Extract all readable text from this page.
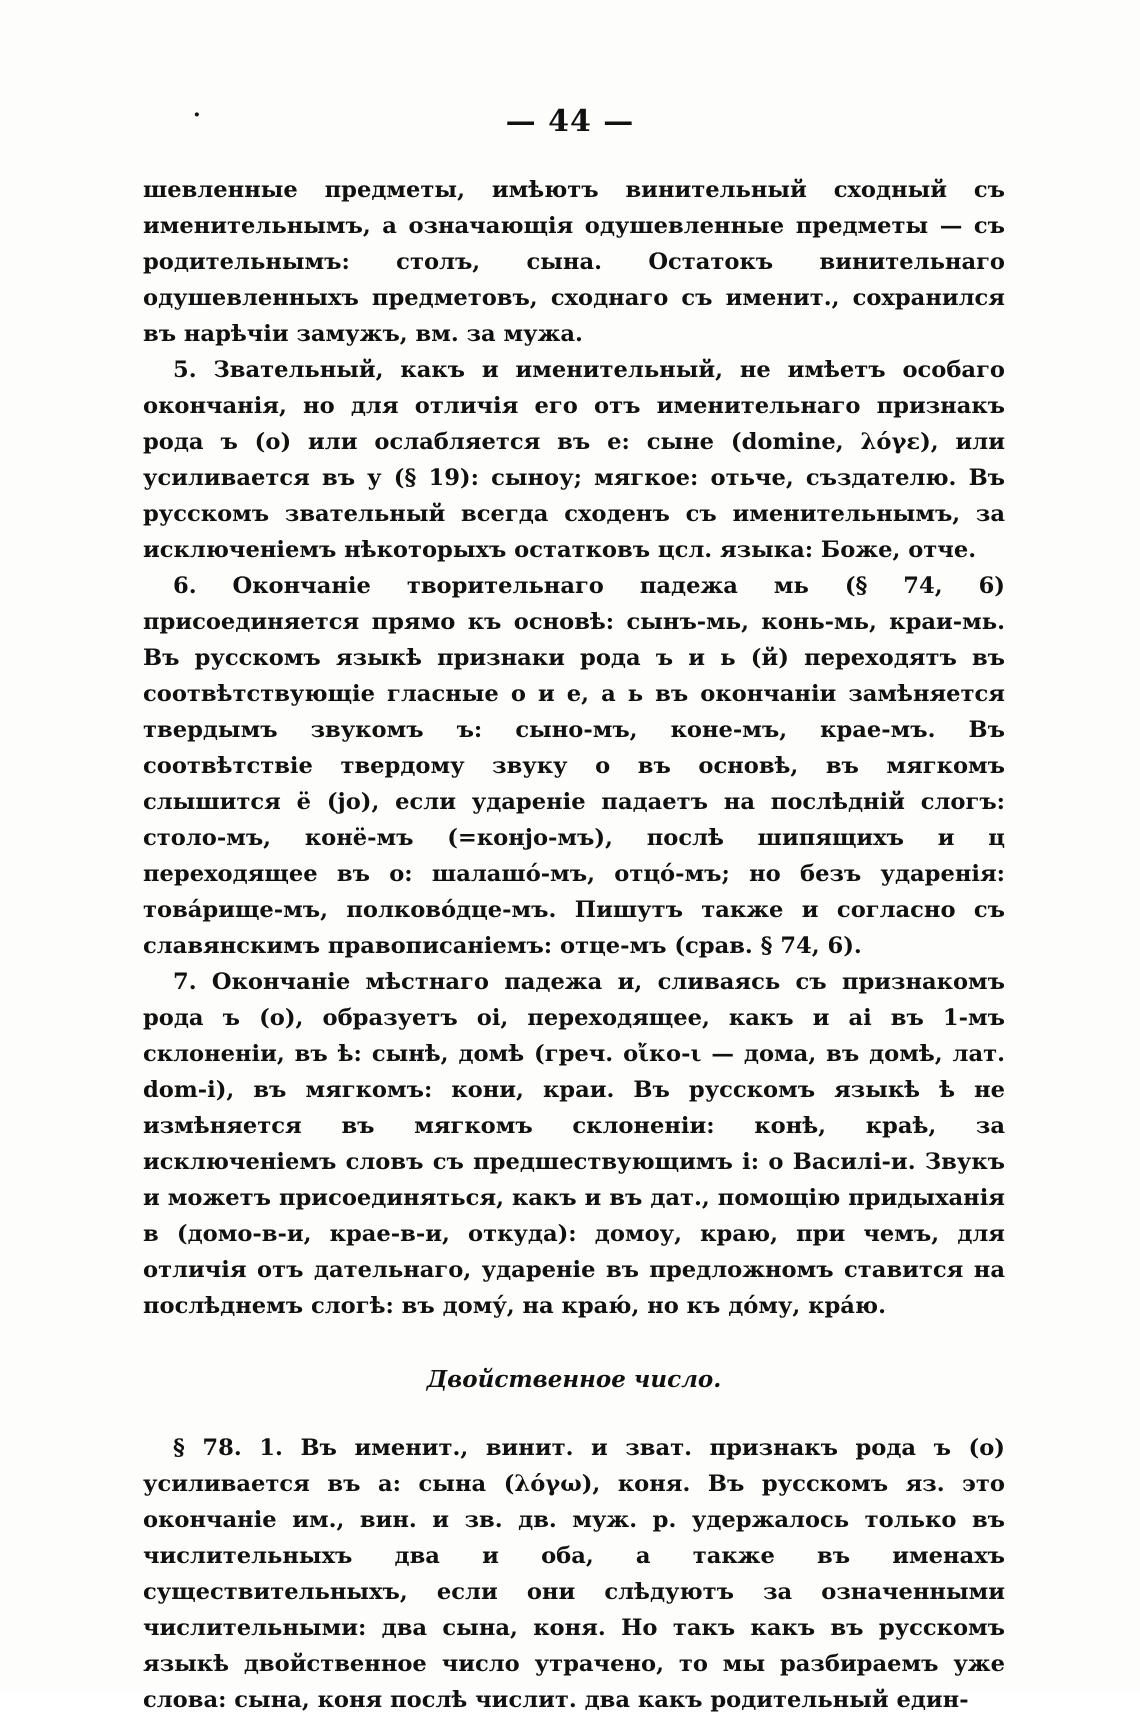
·	— 44 —

шевленные предметы, имѣютъ винительный сходный съ именительнымъ, а означающія одушевленные предметы — съ родительнымъ: столъ, сына. Остатокъ винительнаго одушевленныхъ предметовъ, сходнаго съ именит., сохранился въ нарѣчіи замужъ, вм. за мужа.

5. Звательный, какъ и именительный, не имѣетъ особаго окончанія, но для отличія его отъ именительнаго признакъ рода ъ (о) или ослабляется въ е: сыне (domine, λόγε), или усиливается въ у (§ 19): сыноу; мягкое: отьче, създателю. Въ русскомъ звательный всегда сходенъ съ именительнымъ, за исключеніемъ нѣкоторыхъ остатковъ цсл. языка: Боже, отче.

6. Окончаніе творительнаго падежа мь (§ 74, 6) присоединяется прямо къ основѣ: сынъ-мь, конь-мь, краи-мь. Въ русскомъ языкѣ признаки рода ъ и ь (й) переходятъ въ соотвѣтствующіе гласные о и е, а ь въ окончаніи замѣняется твердымъ звукомъ ъ: сыно-мъ, коне-мъ, крае-мъ. Въ соотвѣтствіе твердому звуку о въ основѣ, въ мягкомъ слышится ё (jo), если удареніе падаетъ на послѣдній слогъ: столо-мъ, конё-мъ (=конjо-мъ), послѣ шипящихъ и ц переходящее въ о: шалашо́-мъ, отцо́-мъ; но безъ ударенія: това́рище-мъ, полково́дце-мъ. Пишутъ также и согласно съ славянскимъ правописаніемъ: отце-мъ (срав. § 74, 6).

7. Окончаніе мѣстнаго падежа и, сливаясь съ признакомъ рода ъ (о), образуетъ оі, переходящее, какъ и аі въ 1-мъ склоненіи, въ ѣ: сынѣ, домѣ (греч. οἴκο-ι — дома, въ домѣ, лат. dom-i), въ мягкомъ: кони, краи. Въ русскомъ языкѣ ѣ не измѣняется въ мягкомъ склоненіи: конѣ, краѣ, за исключеніемъ словъ съ предшествующимъ і: о Василі-и. Звукъ и можетъ присоединяться, какъ и въ дат., помощію придыханія в (домо-в-и, крае-в-и, откуда): домоу, краю, при чемъ, для отличія отъ дательнаго, удареніе въ предложномъ ставится на послѣднемъ слогѣ: въ дому́, на краю́, но къ до́му, кра́ю.

Двойственное число.

§ 78. 1. Въ именит., винит. и зват. признакъ рода ъ (о) усиливается въ а: сына (λόγω), коня. Въ русскомъ яз. это окончаніе им., вин. и зв. дв. муж. р. удержалось только въ числительныхъ два и оба, а также въ именахъ существительныхъ, если они слѣдуютъ за означенными числительными: два сына, коня. Но такъ какъ въ русскомъ языкѣ двойственное число утрачено, то мы разбираемъ уже слова: сына, коня послѣ числит. два какъ родительный един-
